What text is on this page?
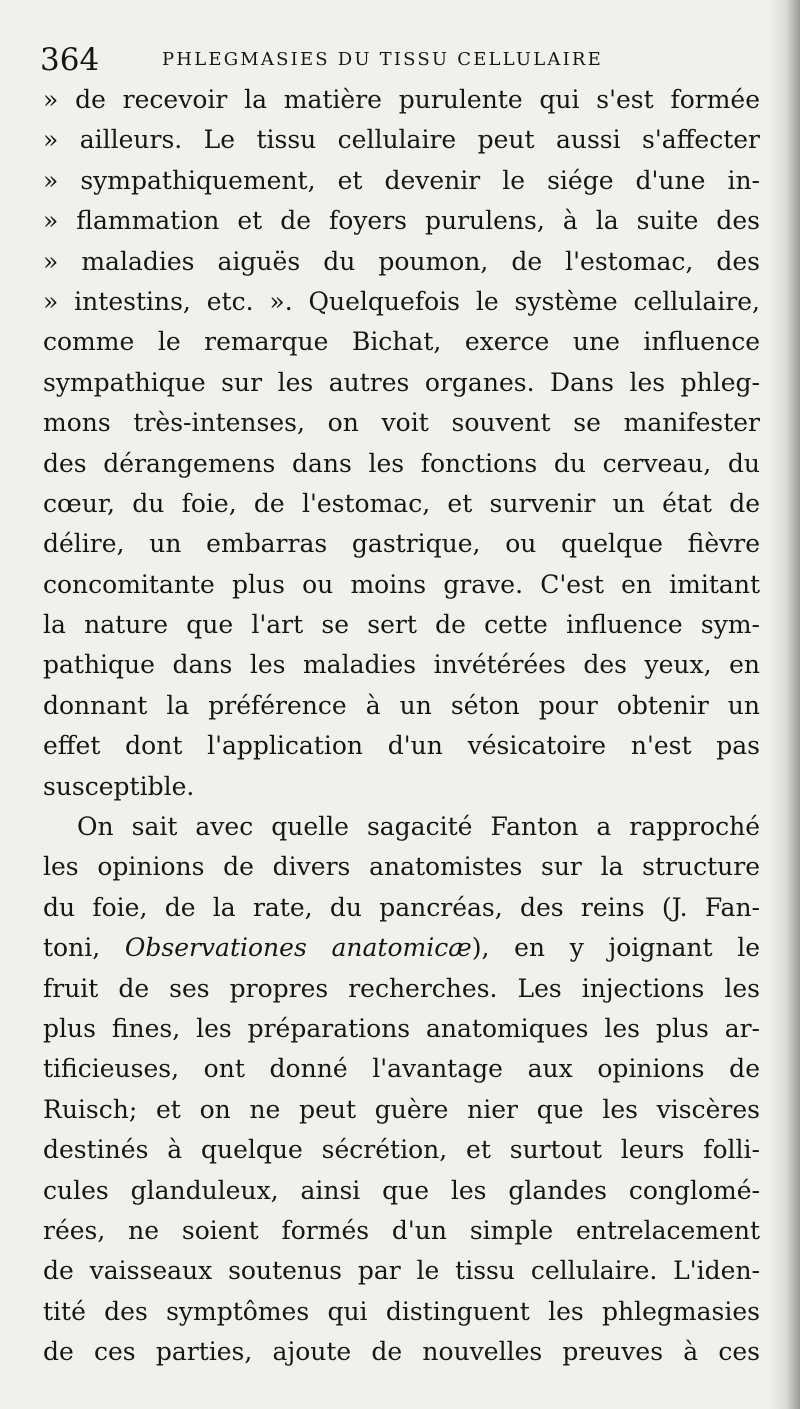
364	PHLEGMASIES DU TISSU CELLULAIRE
» de recevoir la matière purulente qui s'est formée
» ailleurs. Le tissu cellulaire peut aussi s'affecter
» sympathiquement, et devenir le siége d'une in-
» flammation et de foyers purulens, à la suite des
» maladies aiguës du poumon, de l'estomac, des
» intestins, etc. ». Quelquefois le système cellulaire,
comme le remarque Bichat, exerce une influence
sympathique sur les autres organes. Dans les phleg-
mons très-intenses, on voit souvent se manifester
des dérangemens dans les fonctions du cerveau, du
cœur, du foie, de l'estomac, et survenir un état de
délire, un embarras gastrique, ou quelque fièvre
concomitante plus ou moins grave. C'est en imitant
la nature que l'art se sert de cette influence sym-
pathique dans les maladies invétérées des yeux, en
donnant la préférence à un séton pour obtenir un
effet dont l'application d'un vésicatoire n'est pas
susceptible.
On sait avec quelle sagacité Fanton a rapproché
les opinions de divers anatomistes sur la structure
du foie, de la rate, du pancréas, des reins (J. Fan-
toni, Observationes anatomicæ), en y joignant le
fruit de ses propres recherches. Les injections les
plus fines, les préparations anatomiques les plus ar-
tificieuses, ont donné l'avantage aux opinions de
Ruisch; et on ne peut guère nier que les viscères
destinés à quelque sécrétion, et surtout leurs folli-
cules glanduleux, ainsi que les glandes conglomé-
rées, ne soient formés d'un simple entrelacement
de vaisseaux soutenus par le tissu cellulaire. L'iden-
tité des symptômes qui distinguent les phlegmasies
de ces parties, ajoute de nouvelles preuves à ces
